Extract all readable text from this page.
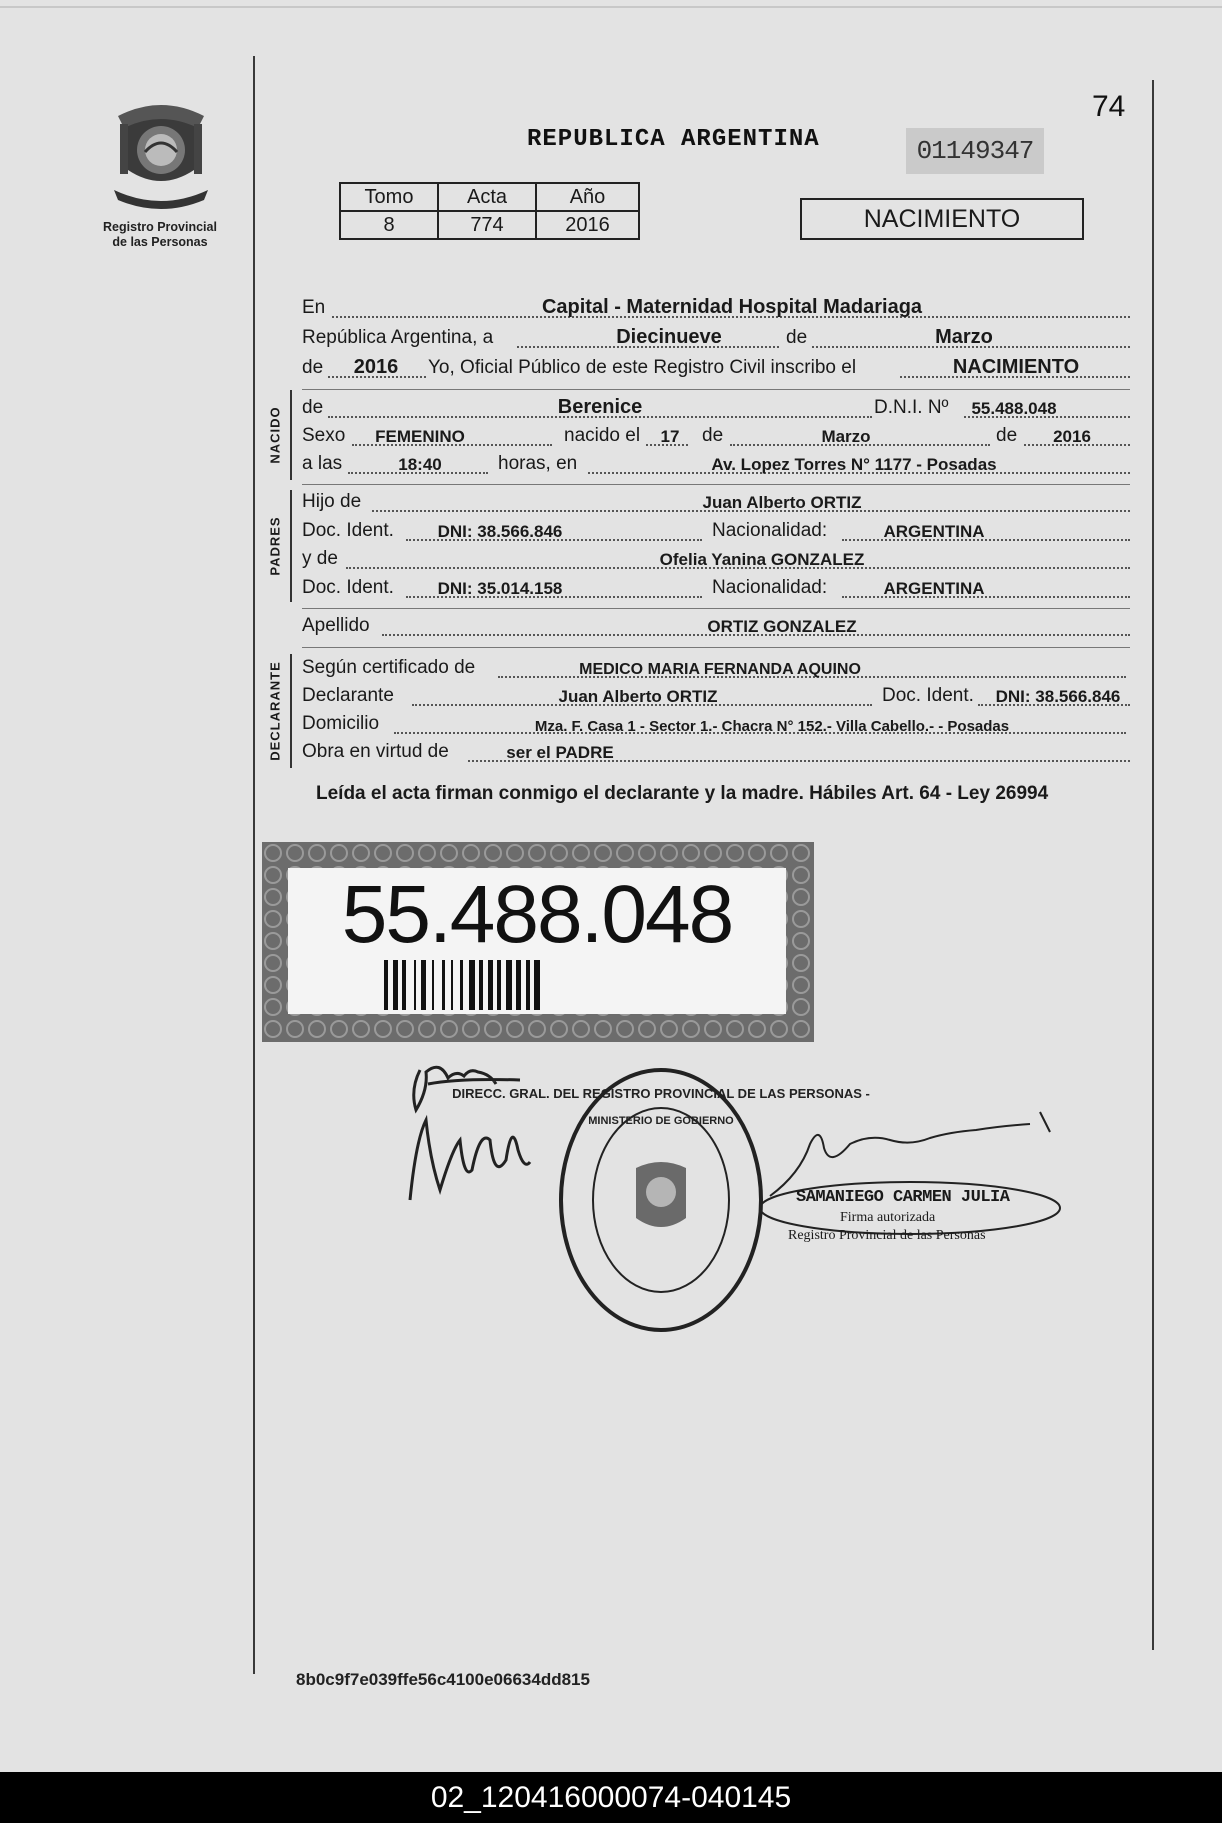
Registro Provincial
de las Personas
74
REPUBLICA ARGENTINA	01149347
Tomo	Acta	Año
8	774	2016	NACIMIENTO
En	Capital - Maternidad Hospital Madariaga
República Argentina, a	Diecinueve	de	Marzo
de 2016 Yo, Oficial Público de este Registro Civil inscribo el	NACIMIENTO
NACIDO de	Berenice	D.N.I. Nº 55.488.048
Sexo FEMENINO	nacido el 17 de	Marzo	de 2016
a las	18:40	horas, en	Av. Lopez Torres N° 1177 - Posadas
PADRES
Hijo de	Juan Alberto ORTIZ
Doc. Ident.	DNI: 38.566.846	Nacionalidad:	ARGENTINA
y de	Ofelia Yanina GONZALEZ
Doc. Ident.	DNI: 35.014.158	Nacionalidad:	ARGENTINA
Apellido	ORTIZ GONZALEZ
DECLARANTE Según certificado de	MEDICO MARIA FERNANDA AQUINO
Declarante	Juan Alberto ORTIZ	Doc. Ident. DNI: 38.566.846
Domicilio	Mza. F. Casa 1 - Sector 1.- Chacra N° 152.- Villa Cabello.- - Posadas
Obra en virtud de	ser el PADRE
Leída el acta firman conmigo el declarante y la madre. Hábiles Art. 64 - Ley 26994
55.488.048
DIRECC. GRAL. DEL REGISTRO PROVINCIAL DE LAS PERSONAS -
MINISTERIO DE GOBIERNO
SAMANIEGO CARMEN JULIA
Firma autorizada
Registro Provincial de las Personas
8b0c9f7e039ffe56c4100e06634dd815
02_120416000074-040145
